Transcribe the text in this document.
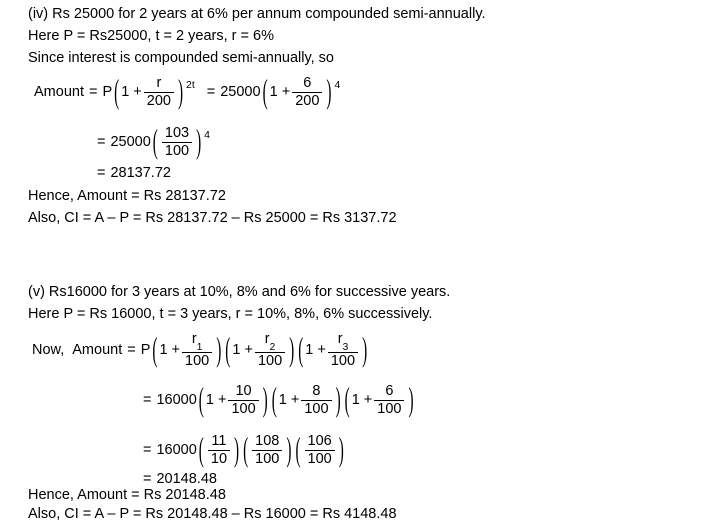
(iv) Rs 25000 for 2 years at 6% per annum compounded semi-annually.
Here P = Rs25000, t = 2 years, r = 6%
Since interest is compounded semi-annually, so
Amount = P ( $1 + \frac{r}{200}$ ) 2t = 25000 ( $1 + \frac{6}{200}$ ) 4
= 25000 ( $\frac{103}{100}$ ) 4
= 28137.72
Hence, Amount = Rs 28137.72
Also, CI = A – P = Rs 28137.72 – Rs 25000 = Rs 3137.72
(v) Rs16000 for 3 years at 10%, 8% and 6% for successive years.
Here P = Rs 16000, t = 3 years, r = 10%, 8%, 6% successively.
Now, Amount = P ( $1 + \frac{r_1}{100}$ ) ( $1 + \frac{r_2}{100}$ ) ( $1 + \frac{r_3}{100}$ )
= 16000 ( $1 + \frac{10}{100}$ ) ( $1 + \frac{8}{100}$ ) ( $1 + \frac{6}{100}$ )
= 16000 ( $\frac{11}{10}$ ) ( $\frac{108}{100}$ ) ( $\frac{106}{100}$ )
= 20148.48
Hence, Amount = Rs 20148.48
Also, CI = A – P = Rs 20148.48 – Rs 16000 = Rs 4148.48
